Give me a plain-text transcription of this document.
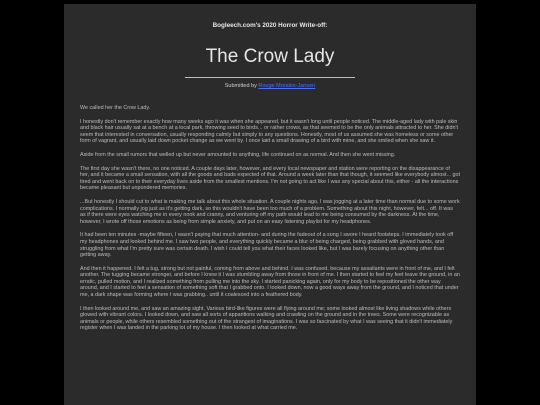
Bogleech.com's 2020 Horror Write-off:
The Crow Lady
Submitted by Rouge Morales-Jansen

We called her the Crow Lady.

I honestly don't remember exactly how many weeks ago it was when she appeared, but it wasn't long until people noticed. The middle-aged lady with pale skin and black hair usually sat at a bench at a local park, throwing seed to birds... or rather crows, as that seemed to be the only animals attracted to her. She didn't seem that interested in conversation, usually responding calmly but simply to any questions. Honestly, most of us assumed she was homeless or some other form of vagrant, and usually laid down pocket change as we went by. I once laid a small drawing of a bird with mine, and she smiled when she saw it.

Aside from the small rumors that welled up but never amounted to anything, life continued on as normal. And then she went missing.

The first day she wasn't there, no one noticed. A couple days later, however, and every local newspaper and station were reporting on the disappearance of her, and it became a small sensation, with all the goods and bads expected of that. Around a week later than that though, it seemed like everybody almost... got tired and went back on to their everyday lives aside from the smallest mentions. I'm not going to act like I was any special about this, either - all the interactions became pleasant but unpondered memories.

...But honestly I should cut to what is making me talk about this whole situation. A couple nights ago, I was jogging at a later time than normal due to some work complications. I normally jog just as it's getting dark, so this wouldn't have been too much of a problem. Something about this night, however, felt... off. It was as if there were eyes watching me in every nook and cranny, and venturing off my path would lead to me being consumed by the darkness. At the time, however, I wrote off those emotions as being from simple anxiety, and put on an easy listening playlist for my headphones.

It had been ten minutes -maybe fifteen, I wasn't paying that much attention- and during the fadeout of a song I swore I heard footsteps. I immediately took off my headphones and looked behind me. I saw two people, and everything quickly became a blur of being charged, being grabbed with gloved hands, and struggling from what I'm pretty sure was certain death. I wish I could tell you what their faces looked like, but I was barely focusing on anything other than getting away.

And then it happened. I felt a tug, strong but not painful, coming from above and behind. I was confused, because my assailants were in front of me, and I felt another. The tugging became stronger, and before I knew it I was stumbling away from those in front of me. I then started to feel my feet leave the ground, in an erratic, pulled motion, and I realized something from pulling me into the sky. I started panicking again, only for my body to be repositioned the other way around, and I started to feel a sensation of something soft that I grabbed onto. I looked down, now a good ways away from the ground, and I noticed that under me, a dark shape was forming where I was grabbing.. until it coalesced into a feathered body.

I then looked around me, and saw an amazing sight. Various bird-like figures were all flying around me; some looked almost like living shadows while others glowed with vibrant colors. I looked down, and saw all sorts of apparitions walking and crawling on the ground and in the trees. Some were recognizable as animals or people, while others resembled something out of the strangest of imaginations. I was so fascinated by what I was seeing that it didn't immediately register when I was landed in the parking lot of my house. I then looked at what carried me.
